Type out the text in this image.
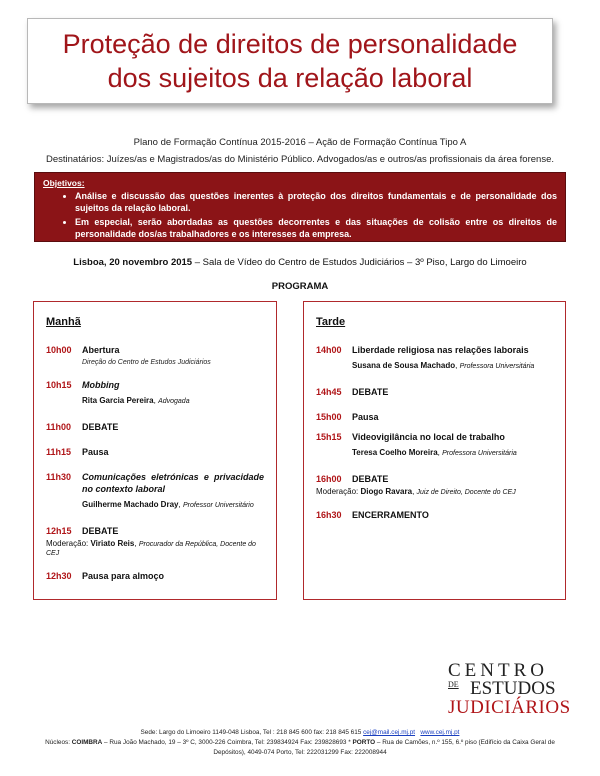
Proteção de direitos de personalidade dos sujeitos da relação laboral
Plano de Formação Contínua 2015-2016 – Ação de Formação Contínua Tipo A
Destinatários: Juízes/as e Magistrados/as do Ministério Público. Advogados/as e outros/as profissionais da área forense.
Objetivos:
• Análise e discussão das questões inerentes à proteção dos direitos fundamentais e de personalidade dos sujeitos da relação laboral.
• Em especial, serão abordadas as questões decorrentes e das situações de colisão entre os direitos de personalidade dos/as trabalhadores e os interesses da empresa.
Lisboa, 20 novembro 2015 – Sala de Vídeo do Centro de Estudos Judiciários – 3º Piso, Largo do Limoeiro
PROGRAMA
Manhã
10h00	Abertura
Direção do Centro de Estudos Judiciários
10h15	Mobbing
Rita Garcia Pereira, Advogada
11h00	DEBATE
11h15	Pausa
11h30	Comunicações eletrónicas e privacidade no contexto laboral
Guilherme Machado Dray, Professor Universitário
12h15	DEBATE
Moderação: Viriato Reis, Procurador da República, Docente do CEJ
12h30	Pausa para almoço
Tarde
14h00	Liberdade religiosa nas relações laborais
Susana de Sousa Machado, Professora Universitária
14h45	DEBATE
15h00	Pausa
15h15	Videovigilância no local de trabalho
Teresa Coelho Moreira, Professora Universitária
16h00	DEBATE
Moderação: Diogo Ravara, Juiz de Direito, Docente do CEJ
16h30	ENCERRAMENTO
CENTRO
DE ESTUDOS
JUDICIÁRIOS
Sede: Largo do Limoeiro 1149-048 Lisboa, Tel : 218 845 600 fax: 218 845 615 cej@mail.cej.mj.pt www.cej.mj.pt
Núcleos: COIMBRA – Rua João Machado, 19 – 3º C, 3000-226 Coimbra, Tel: 239834924 Fax: 239828693 * PORTO – Rua de Camões, n.º 155, 6.º piso (Edifício da Caixa Geral de Depósitos), 4049-074 Porto, Tel: 222031299 Fax: 222008944
